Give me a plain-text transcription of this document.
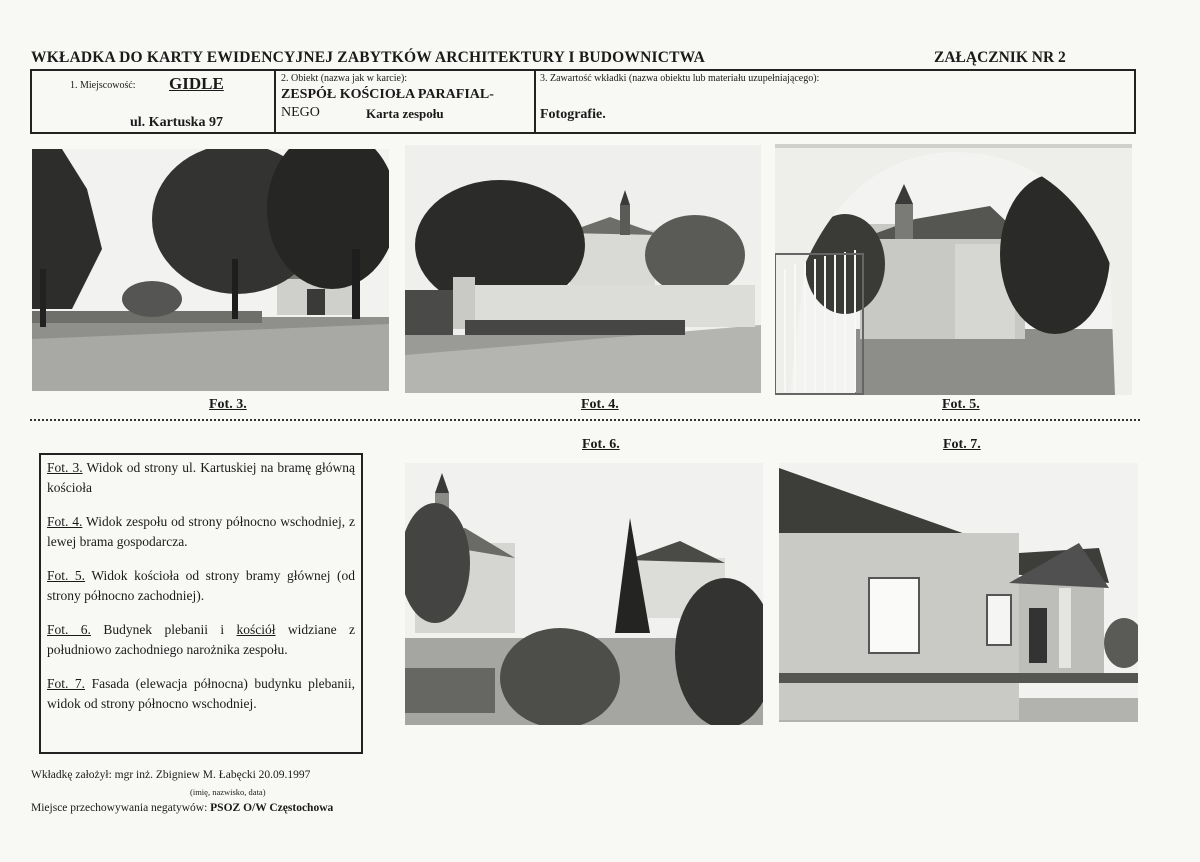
WKŁADKA DO KARTY EWIDENCYJNEJ ZABYTKÓW ARCHITEKTURY I BUDOWNICTWA	ZAŁĄCZNIK NR 2
1. Miejscowość: GIDLE
ul. Kartuska 97
2. Obiekt (nazwa jak w karcie):
ZESPÓŁ KOŚCIOŁA PARAFIAL-
NEGO	Karta zespołu
3. Zawartość wkładki (nazwa obiektu lub materiału uzupełniającego):
Fotografie.
Fot. 3.	Fot. 4.	Fot. 5.
Fot. 6.	Fot. 7.
Fot. 3. Widok od strony ul. Kartuskiej na bramę główną kościoła
Fot. 4. Widok zespołu od strony północno wschodniej, z lewej brama gospodarcza.
Fot. 5. Widok kościoła od strony bramy głównej (od strony północno zachodniej).
Fot. 6. Budynek plebanii i kościół widziane z południowo zachodniego narożnika zespołu.
Fot. 7. Fasada (elewacja północna) budynku plebanii, widok od strony północno wschodniej.
Wkładkę założył: mgr inż. Zbigniew M. Łabęcki 20.09.1997
(imię, nazwisko, data)
Miejsce przechowywania negatywów: PSOZ O/W Częstochowa
